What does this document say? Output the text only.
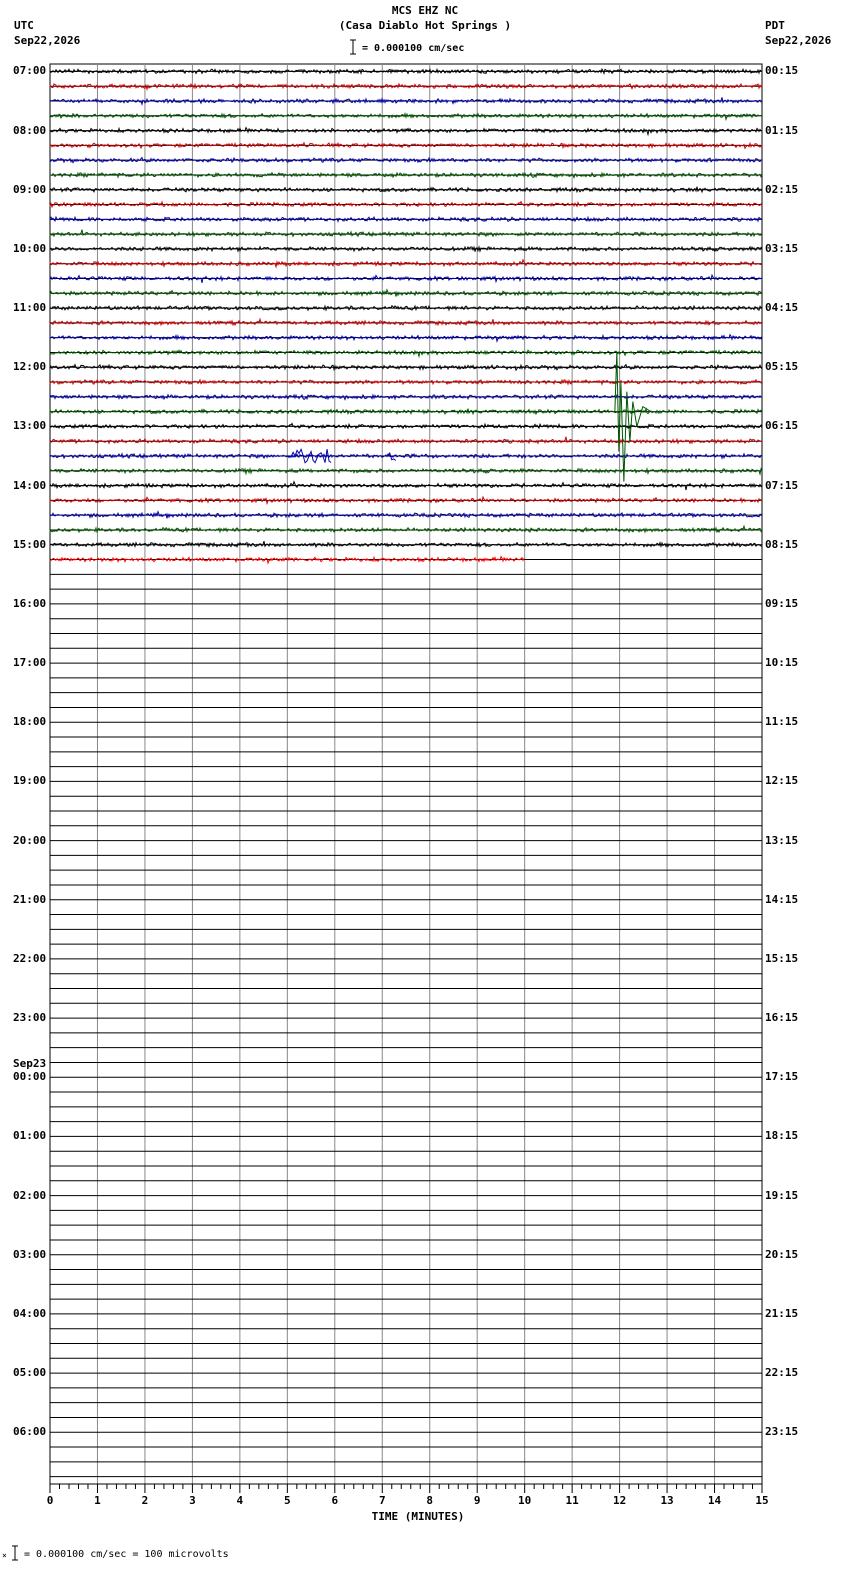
MCS EHZ NC
(Casa Diablo Hot Springs )
= 0.000100 cm/sec
UTC
Sep22,2026
PDT
Sep22,2026
0	1	2	3	4	5	6	7	8	9	10	11	12	13	14	15
TIME (MINUTES)
07:00
08:00
09:00
10:00
11:00
12:00
13:00
14:00
15:00
16:00
17:00
18:00
19:00
20:00
21:00
22:00
23:00
00:00
Sep23
01:00
02:00
03:00
04:00
05:00
06:00
00:15
01:15
02:15
03:15
04:15
05:15
06:15
07:15
08:15
09:15
10:15
11:15
12:15
13:15
14:15
15:15
16:15
17:15
18:15
19:15
20:15
21:15
22:15
23:15
× = 0.000100 cm/sec = 100 microvolts
